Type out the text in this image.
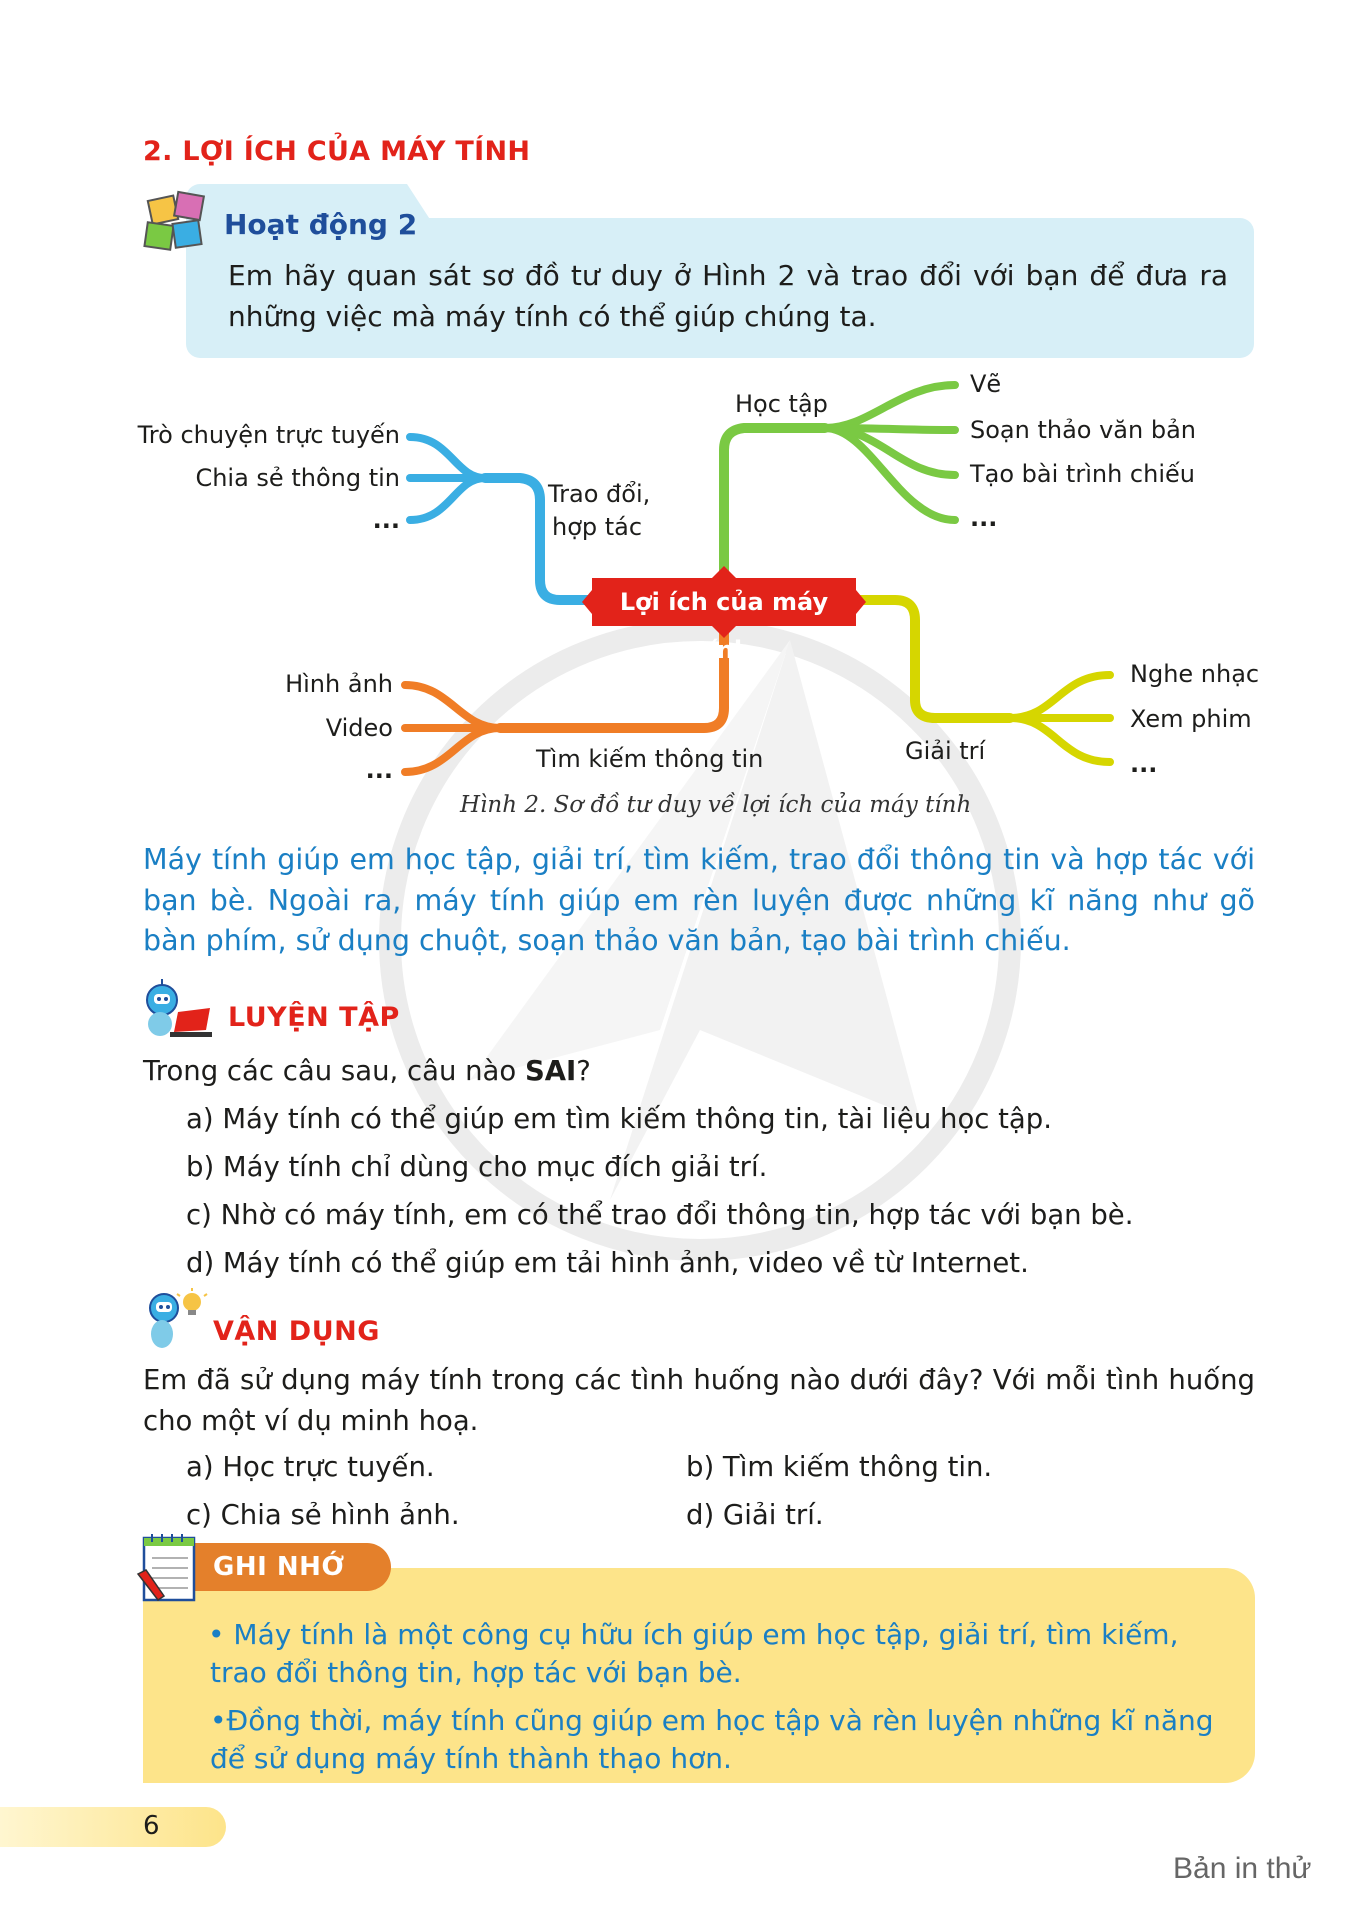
2. LỢI ÍCH CỦA MÁY TÍNH
Hoạt động 2
Em hãy quan sát sơ đồ tư duy ở Hình 2 và trao đổi với bạn để đưa ra những việc mà máy tính có thể giúp chúng ta.
Lợi ích của máy tính
Trao đổi,
hợp tác
Trò chuyện trực tuyến
Chia sẻ thông tin
...
Học tập
Vẽ
Soạn thảo văn bản
Tạo bài trình chiếu
...
Tìm kiếm thông tin
Hình ảnh
Video
...
Giải trí
Nghe nhạc
Xem phim
...
Hình 2. Sơ đồ tư duy về lợi ích của máy tính
Máy tính giúp em học tập, giải trí, tìm kiếm, trao đổi thông tin và hợp tác với bạn bè. Ngoài ra, máy tính giúp em rèn luyện được những kĩ năng như gõ bàn phím, sử dụng chuột, soạn thảo văn bản, tạo bài trình chiếu.
LUYỆN TẬP
Trong các câu sau, câu nào SAI?
a) Máy tính có thể giúp em tìm kiếm thông tin, tài liệu học tập.
b) Máy tính chỉ dùng cho mục đích giải trí.
c) Nhờ có máy tính, em có thể trao đổi thông tin, hợp tác với bạn bè.
d) Máy tính có thể giúp em tải hình ảnh, video về từ Internet.
VẬN DỤNG
Em đã sử dụng máy tính trong các tình huống nào dưới đây? Với mỗi tình huống cho một ví dụ minh hoạ.
a) Học trực tuyến.	b) Tìm kiếm thông tin.
c) Chia sẻ hình ảnh.	d) Giải trí.
GHI NHỚ
• Máy tính là một công cụ hữu ích giúp em học tập, giải trí, tìm kiếm, trao đổi thông tin, hợp tác với bạn bè.
•Đồng thời, máy tính cũng giúp em học tập và rèn luyện những kĩ năng để sử dụng máy tính thành thạo hơn.
6
Bản in thử
